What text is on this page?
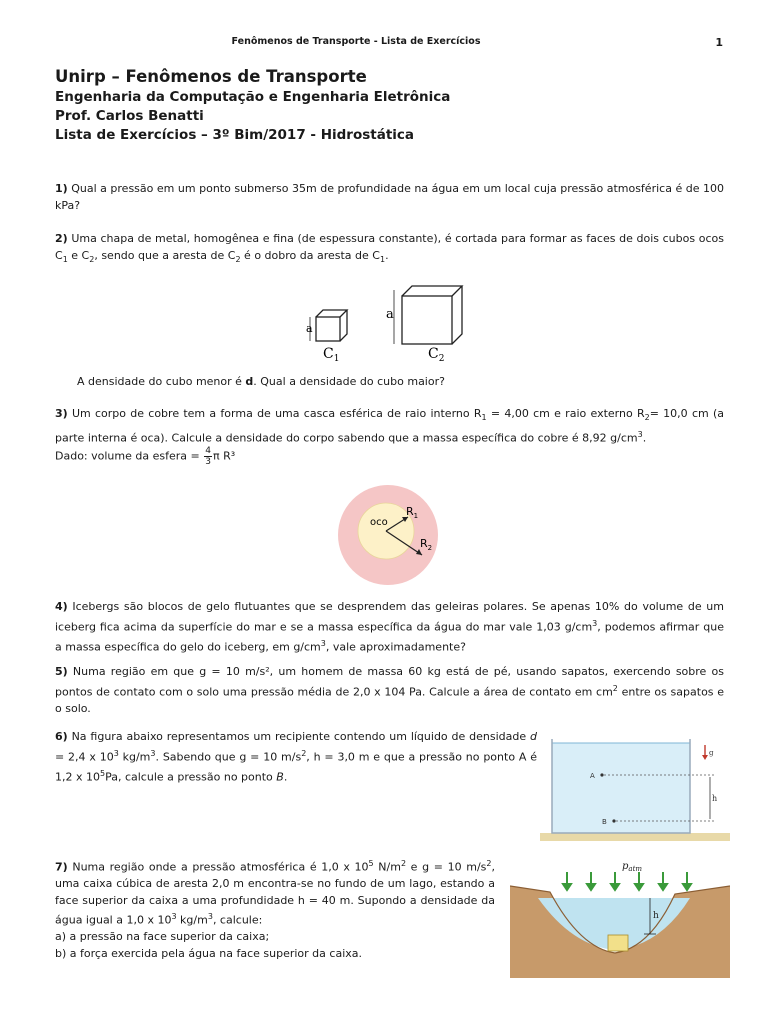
Fenômenos de Transporte - Lista de Exercícios	1
Unirp – Fenômenos de Transporte
Engenharia da Computação e Engenharia Eletrônica
Prof. Carlos Benatti
Lista de Exercícios – 3º Bim/2017 - Hidrostática
1) Qual a pressão em um ponto submerso 35m de profundidade na água em um local cuja pressão atmosférica é de 100 kPa?
2) Uma chapa de metal, homogênea e fina (de espessura constante), é cortada para formar as faces de dois cubos ocos $C_1$ e $C_2$, sendo que a aresta de $C_2$ é o dobro da aresta de $C_1$.
a
$C_1$
a
$C_2$
A densidade do cubo menor é d. Qual a densidade do cubo maior?
3) Um corpo de cobre tem a forma de uma casca esférica de raio interno $R_1 = 4,00$ cm e raio externo $R_2= 10,0$ cm (a parte interna é oca). Calcule a densidade do corpo sabendo que a massa específica do cobre é 8,92 $g/cm^3$.
Dado: volume da esfera = $\frac{4}{3}$ π R³
oco
$R_1$
$R_2$
4) Icebergs são blocos de gelo flutuantes que se desprendem das geleiras polares. Se apenas 10% do volume de um iceberg fica acima da superfície do mar e se a massa específica da água do mar vale 1,03 $g/cm^3$, podemos afirmar que a massa específica do gelo do iceberg, em $g/cm^3$, vale aproximadamente?
5) Numa região em que g = 10 m/s², um homem de massa 60 kg está de pé, usando sapatos, exercendo sobre os pontos de contato com o solo uma pressão média de 2,0 x 104 Pa. Calcule a área de contato em $cm^2$ entre os sapatos e o solo.
6) Na figura abaixo representamos um recipiente contendo um líquido de densidade d = 2,4 x $10^3$ $kg/m^3$. Sabendo que g = 10 $m/s^2$, h = 3,0 m e que a pressão no ponto A é 1,2 x $10^5Pa$, calcule a pressão no ponto B.	A
B
h
g
7) Numa região onde a pressão atmosférica é 1,0 x $10^5$ $N/m^2$ e g = 10 $m/s^2$, uma caixa cúbica de aresta 2,0 m encontra-se no fundo de um lago, estando a face superior da caixa a uma profundidade h = 40 m. Supondo a densidade da água igual a 1,0 x $10^3$ $kg/m^3$, calcule:
a) a pressão na face superior da caixa;
b) a força exercida pela água na face superior da caixa.
h
$p_{atm}$
